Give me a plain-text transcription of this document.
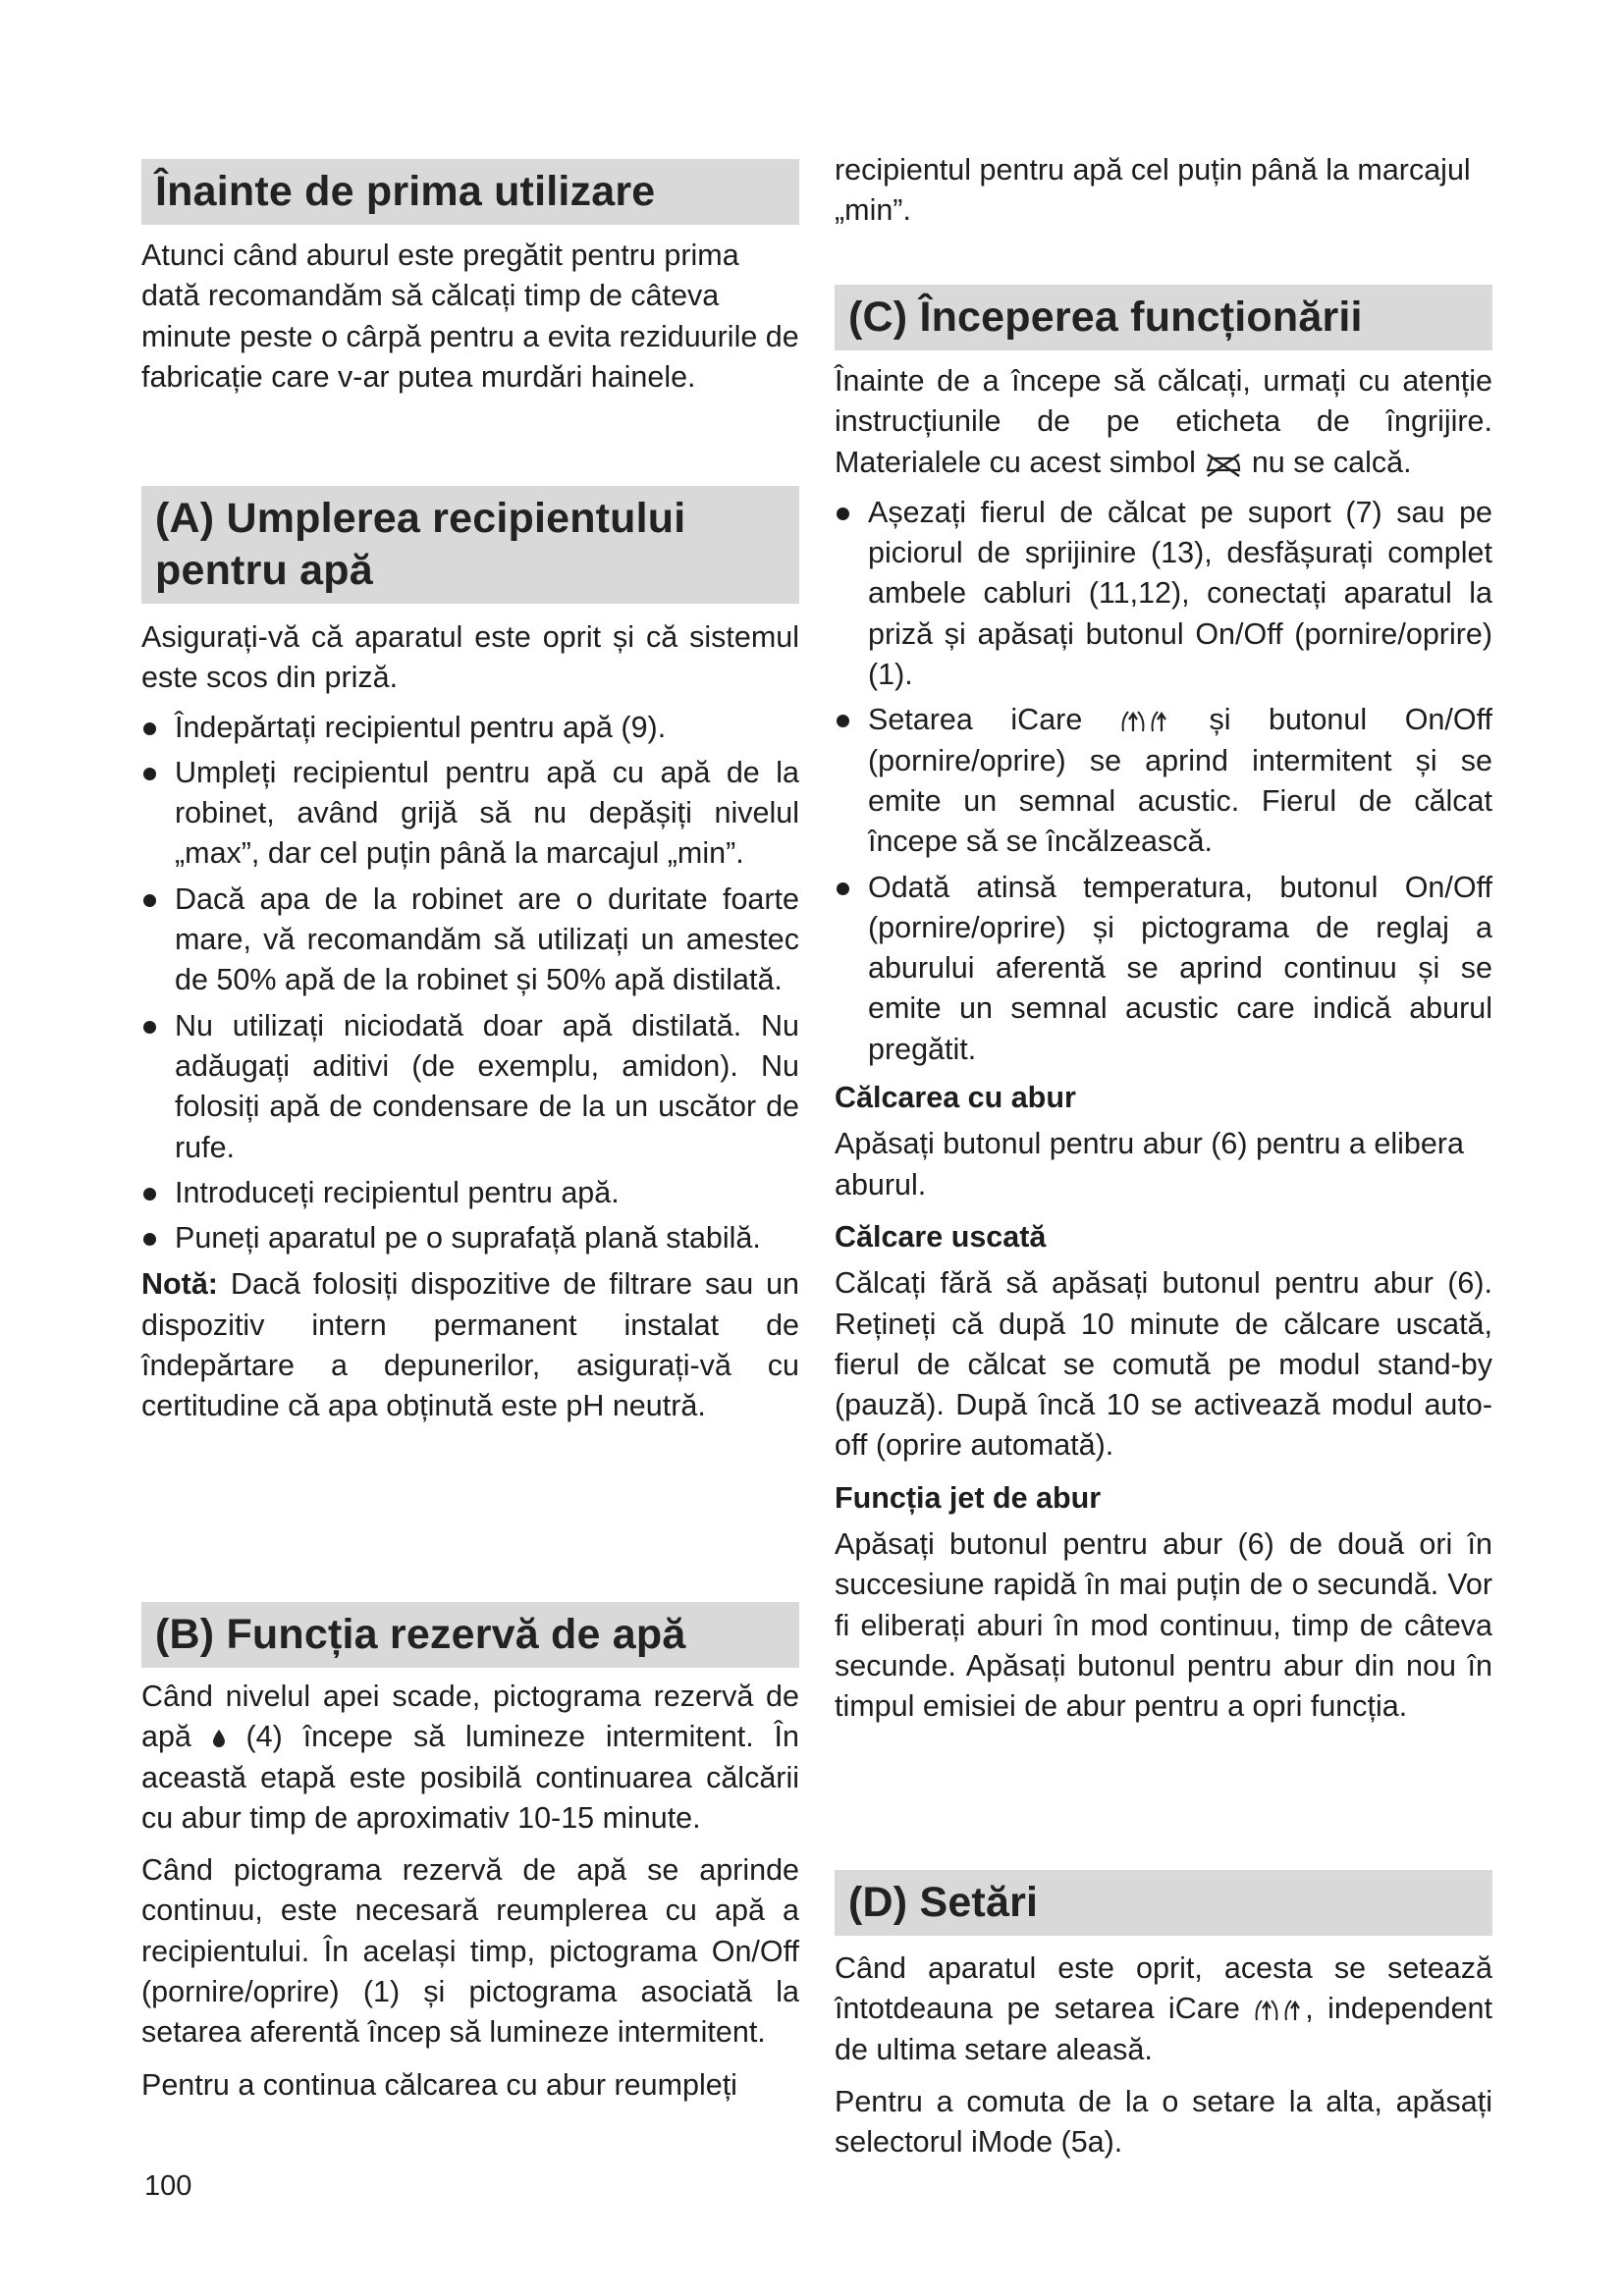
Înainte de prima utilizare

Atunci când aburul este pregătit pentru prima dată recomandăm să călcați timp de câteva minute peste o cârpă pentru a evita reziduurile de fabricație care v-ar putea murdări hainele.

(A) Umplerea recipientului
pentru apă

Asigurați-vă că aparatul este oprit și că sistemul este scos din priză.

Îndepărtați recipientul pentru apă (9).
Umpleți recipientul pentru apă cu apă de la robinet, având grijă să nu depășiți nivelul „max”, dar cel puțin până la marcajul „min”.
Dacă apa de la robinet are o duritate foarte mare, vă recomandăm să utilizați un amestec de 50% apă de la robinet și 50% apă distilată.
Nu utilizați niciodată doar apă distilată. Nu adăugați aditivi (de exemplu, amidon). Nu folosiți apă de condensare de la un uscător de rufe.
Introduceți recipientul pentru apă.
Puneți aparatul pe o suprafață plană stabilă.

Notă: Dacă folosiți dispozitive de filtrare sau un dispozitiv intern permanent instalat de îndepărtare a depunerilor, asigurați-vă cu certitudine că apa obținută este pH neutră.

(B) Funcția rezervă de apă

Când nivelul apei scade, pictograma rezervă de apă (4) începe să lumineze intermitent. În această etapă este posibilă continuarea călcării cu abur timp de aproximativ 10-15 minute.

Când pictograma rezervă de apă se aprinde continuu, este necesară reumplerea cu apă a recipientului. În același timp, pictograma On/Off (pornire/oprire) (1) și pictograma asociată la setarea aferentă încep să lumineze intermitent.

Pentru a continua călcarea cu abur reumpleți

recipientul pentru apă cel puțin până la marcajul „min”.

(C) Începerea funcționării

Înainte de a începe să călcați, urmați cu atenție instrucțiunile de pe eticheta de îngrijire. Materialele cu acest simbol nu se calcă.

Așezați fierul de călcat pe suport (7) sau pe piciorul de sprijinire (13), desfășurați complet ambele cabluri (11,12), conectați aparatul la priză și apăsați butonul On/Off (pornire/oprire) (1).
Setarea iCare	și butonul On/Off (pornire/oprire) se aprind intermitent și se emite un semnal acustic. Fierul de călcat începe să se încălzească.
Odată atinsă temperatura, butonul On/Off (pornire/oprire) și pictograma de reglaj a aburului aferentă se aprind continuu și se emite un semnal acustic care indică aburul pregătit.
Călcarea cu abur

Apăsați butonul pentru abur (6) pentru a elibera aburul.

Călcare uscată

Călcați fără să apăsați butonul pentru abur (6). Rețineți că după 10 minute de călcare uscată, fierul de călcat se comută pe modul stand-by (pauză). După încă 10 se activează modul auto-off (oprire automată).

Funcția jet de abur

Apăsați butonul pentru abur (6) de două ori în succesiune rapidă în mai puțin de o secundă. Vor fi eliberați aburi în mod continuu, timp de câteva secunde. Apăsați butonul pentru abur din nou în timpul emisiei de abur pentru a opri funcția.

(D) Setări

Când aparatul este oprit, acesta se setează întotdeauna pe setarea iCare , independent de ultima setare aleasă.

Pentru a comuta de la o setare la alta, apăsați selectorul iMode (5a).

100
